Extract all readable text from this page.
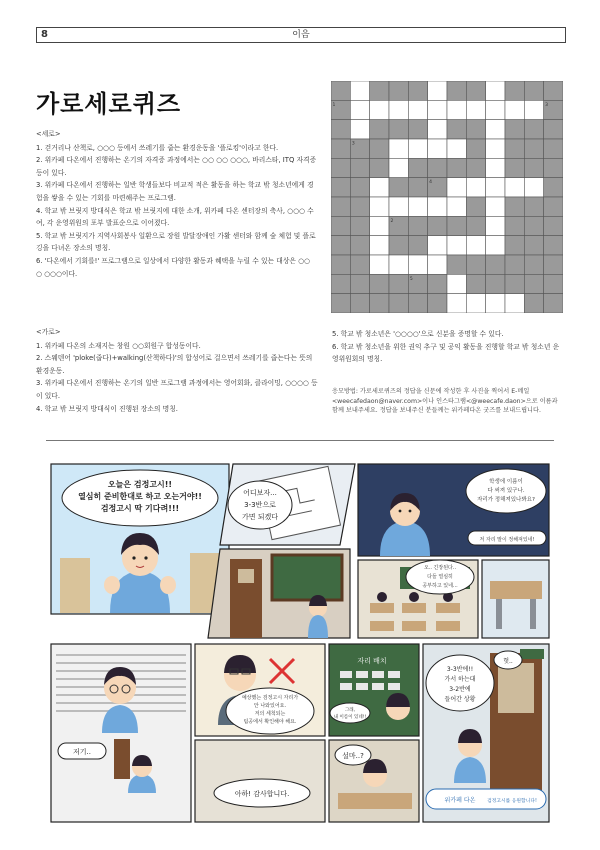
8	이음
가로세로퀴즈

<세로>

1. 걷거리나 산책로, ○○○ 등에서 쓰레기를 줍는 환경운동을 '플로킹'이라고 한다.

2. 위카페 다온에서 진행하는 온기의 자격증 과정에서는 ○○ ○○ ○○○, 바리스타, ITQ 자격증 등이 있다.

3. 위카페 다온에서 진행하는 일반 학생들보다 비교적 적은 활동을 하는 학교 밖 청소년에게 경험을 쌓을 수 있는 기회를 마련해주는 프로그램.

4. 학교 밖 브릿지 방대식은 학교 밖 브릿지에 대한 소개, 위카페 다온 센터장의 축사, ○○○ 수여, 각 운영위원의 포부 발표순으로 이어졌다.

5. 학교 밖 브릿지가 지역사회봉사 일환으로 장원 발달장애인 가활 센터와 함께 숲 체험 및 플로깅을 다녀온 장소의 명칭.

6. '다온에서 기회를!' 프로그램으로 일상에서 다양한 활동과 혜택을 누릴 수 있는 대상은 ○○ ○ ○○○이다.

<가로>

1. 위카페 다온의 소재지는 창원 ○○회원구 합성동이다.

2. 스웨덴어 'ploke(줍다)+walking(산책하다)'의 합성어로 걸으면서 쓰레기를 줍는다는 뜻의 환경운동.

3. 위카페 다온에서 진행하는 온기의 일반 프로그램 과정에서는 영어회화, 클라이밍, ○○○○ 등이 있다.

4. 학교 밖 브릿지 방대식이 진행된 장소의 명칭.

5. 학교 밖 청소년은 '○○○○'으로 신분을 증명할 수 있다.

6. 학교 밖 청소년을 위한 권익 추구 및 공익 활동을 진행할 학교 밖 청소년 운영위원회의 명칭.

응모방법: 가로세로퀴즈의 정답을 신문에 작성한 후 사진을 찍어서 E-메일 <weecafedaon@naver.com>이나 인스타그램<@weecafe.daon>으로 이름과 함께 보내주세요. 정답을 보내주신 분들께는 위카페다온 굿즈를 보내드립니다.
1	3
3
4
2
5
오늘은 검정고시!!
열심히 준비한대로 하고 오는거야!!
검정고시 딱 기다려!!!
어디보자...
3-3반으로
가면 되겠다
학생에 이름이
다 써져 있구나.
자리가 정해져있나봐요?
저 자리 말이 정해져있네!
오.. 긴장된다..
다들 열심히
공부하고 있네...
저기..
예상했는 검정고시 자리가
안 나와있어요.
저의 세척되는
팀공에서 확인해야 해요.
아하! 감사합니다.
자리 배치
그래,
내 이름이 있네!!
설마..?
3-3반에!!
가서 하는대
3-2반에
들어간 상황
헛..
위카페 다온 검정고시를 응원합니다!
